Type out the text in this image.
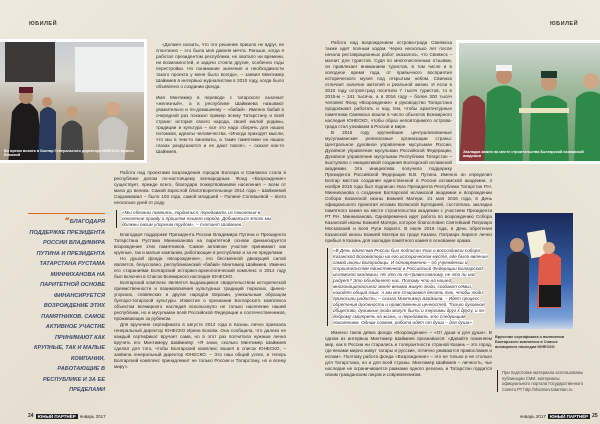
ЮБИЛЕЙ
Во время визита в Болгар Генерального директора ЮНЕСКО Ирины Боковой

«Должен сказать, что это решение пришло не вдруг, не спонтанно – это была моя давняя мечта. Раньше, когда я работал президентом республики, не хватало ни времени, ни возможностей, и задачи стояли другие, особенно годы перестройки. Но понимание значения и необходимости такого проекта у меня было всегда», – заявил Минтимер Шаймиев в интервью журналистам в 2010 году, когда было объявлено о создании фонда.

Имя Минтимер в переводе с татарского означает «железный», а в республике Шаймиева называют уважительно и по-домашнему – «бабай». Именно бабай в очередной раз показал пример всему Татарстану и всей стране: история своего народа, своей малой родины, традиции и культура – все это надо сберечь для наших потомков, идеалы человечества. «Иногда приходят мысли, что мы в чем-то виноваты, а такие памятники на наших глазах разрушаются и не дают покоя», – сказал как-то Шаймиев.

Работа над проектами возрождения городов Болгара и Свияжска стала в республике делом по-настоящему всенародным. Фонд «Возрождение» существует, прежде всего, благодаря пожертвованиям населения – всем от мала до велика. Самой взрослой благотворительнице 2014 года – Шайхиевой Садыкжамал – было 103 года, самой младшей – Полине Соловьевой – всего несколько дней от роду.

«Мы обязаны помнить, гордиться, передавать из поколения в поколение правду о прошлом нашего народа. Добиваться этого мы должны своим упорным трудом», – считает Шаймиев.

Благодаря поддержке Президента России Владимира Путина и Президента Татарстана Рустама Минниханова на паритетной основе финансируется возрождение этих памятников. Самое активное участие принимают как крупные, так и малые компании, работающие в республике и за ее пределами.

Но душой фонда «Возрождение», его бессменной движущей силой является, безусловно, республиканский «бабай» Минтимер Шаймиев. Именно его стараниями Болгарский историко-археологический комплекс в 2014 году был включен в Список Всемирного наследия ЮНЕСКО.

Болгарский комплекс является выдающимся свидетельством исторической преемственности и взаимовлияния культурных традиций тюркских, финно-угорских, славянских и других народов Евразии, уникальным образцом булгаро-татарской культуры. Известие о признании Болгарского комплекса объектом всемирного наследия всколыхнуло не только население нашей республики, но и мусульман всей Российской Федерации и соотечественников, проживающих за рубежом.

Для вручения сертификата в августе 2014 года в Казань лично приехала генеральный директор ЮНЕСКО Ирина Бокова. Она сообщила, что далеко не каждый сертификат вручает сама, но в этот раз посчитала нужным лично вручить его Минтимеру Шаймиеву: «Я знаю, сколько Минтимер Шаймиев сделал для того, чтобы Болгарский комплекс вошел в список ЮНЕСКО, – заявила генеральный директор ЮНЕСКО. – Это наш общий успех, и теперь Болгарский комплекс принадлежит не только России и Татарстану, но и всему миру».

❝ БЛАГОДАРЯ ПОДДЕРЖКЕ ПРЕЗИДЕНТА РОССИИ ВЛАДИМИРА ПУТИНА И ПРЕЗИДЕНТА ТАТАРСТАНА РУСТАМА МИННИХАНОВА НА ПАРИТЕТНОЙ ОСНОВЕ ФИНАНСИРУЕТСЯ ВОЗРОЖДЕНИЕ ЭТИХ ПАМЯТНИКОВ. САМОЕ АКТИВНОЕ УЧАСТИЕ ПРИНИМАЮТ КАК КРУПНЫЕ, ТАК И МАЛЫЕ КОМПАНИИ, РАБОТАЮЩИЕ В РЕСПУБЛИКЕ И ЗА ЕЕ ПРЕДЕЛАМИ
24 ЮНЫЙ ПАРТНЁР январь 2017
ЮБИЛЕЙ

Работа над возрождением острова-града Свияжска также идет полным ходом. Через несколько лет после начала реставрационных работ оказалось, что Свияжск – магнит для туристов. Судя по многочисленным отзывам, он привлекает вниманием туристов, в том числе и в холодное время года, от привычного восприятия исторического музея под открытым небом. Свияжск отличает наличие жителей и реальной жизни. И если в 2010 году остров-град посетили 7 тысяч туристов, то в 2015-м – 241 тысяча, а в 2016 году – более 300 тысяч человек! Фонд «Возрождение» и руководство Татарстана продолжают работать и над тем, чтобы архитектурные памятники Свияжска вошли в число объектов Всемирного наследия ЮНЕСКО, чтобы образ неповторимого острова-града стал узнаваем в России и мире.

В 2015 году крупнейшие централизованные мусульманские религиозные организации страны: Центральное духовное управление мусульман России, Духовное управление мусульман Российской Федерации, Духовное управление мусульман Республики Татарстан – выступили с инициативой создания Болгарской исламской академии. Эта инициатива получила поддержку Президента Российской Федерации В.В. Путина. Именно он определил Болгар местом создания единственной в России исламской академии. 4 ноября 2015 года был подписан Указ Президента Республики Татарстан Р.Н. Минниханова о создании Болгарской исламской академии и возрождении Собора Казанской иконы Божией Матери. 21 мая 2016 года, в День официального принятия ислама Волжской Булгарией, состоялась закладка памятного камня на месте строительства академии с участием Президента РТ Р.Н. Минниханова. Одновременно идет работа по возрождению Собора Казанской иконы Божией Матери, которое благословил Святейший Патриарх Московский и всея Руси Кирилл. В июле 2016 года, в День обретения Казанской иконы Божией Матери во граде Казани, Патриарх Кирилл лично прибыл в Казань для закладки памятного камня в основание храма.

«В День единства России был подписан Указ о воссоздании собора Казанской Богоматери на его историческом месте, где было явление самой иконы Богородицы. И одновременно – об учреждении и строительстве единственной в Российской Федерации Болгарской исламской академии. Не это ли по-православному, не это ли нас радует? Это объединяет нас. Потому что на нашей многонациональной земле веками живут люди, создают семьи, находят общий язык. А мы все стараемся делать так, чтобы люди приносили радость, – сказал Минтимер Шаймиев. – Идет процесс обретения духовности и нравственных ценностей. Только духовное общество, духовные люди могут быть и терпимы друг к другу, и по-доброму смотреть на жизнь, и передавать это следующим поколениям. Одним словом, работа идет от души – для души».

Именно таков девиз фонда «Возрождение» – «От души и для души». В одном из интервью Минтимер Шаймиев признавался: «Давайте поменяем мир, как в России ни старались и толерантности страной Казань – это город, где веками мирно живут татары и русские, отлично уживаются православие и ислам». Поэтому работа фонда «Возрождение» – это не только и не столько для Татарстана, но и для всей страны. Минтимер Шаймиев – личность, чье наследие не ограничивается рамками одного региона, и Татарстан гордится своим гражданским лицом и современником.

Закладка камня на месте строительства Болгарской исламской академии
Вручение сертификата о включении Болгарского комплекса в Список всемирного наследия ЮНЕСКО
При подготовке материала использованы публикации СМИ, материалы официального портала Государственного Совета РТ http://shaimiev.tatarstan.ru
январь 2017 ЮНЫЙ ПАРТНЁР 25
